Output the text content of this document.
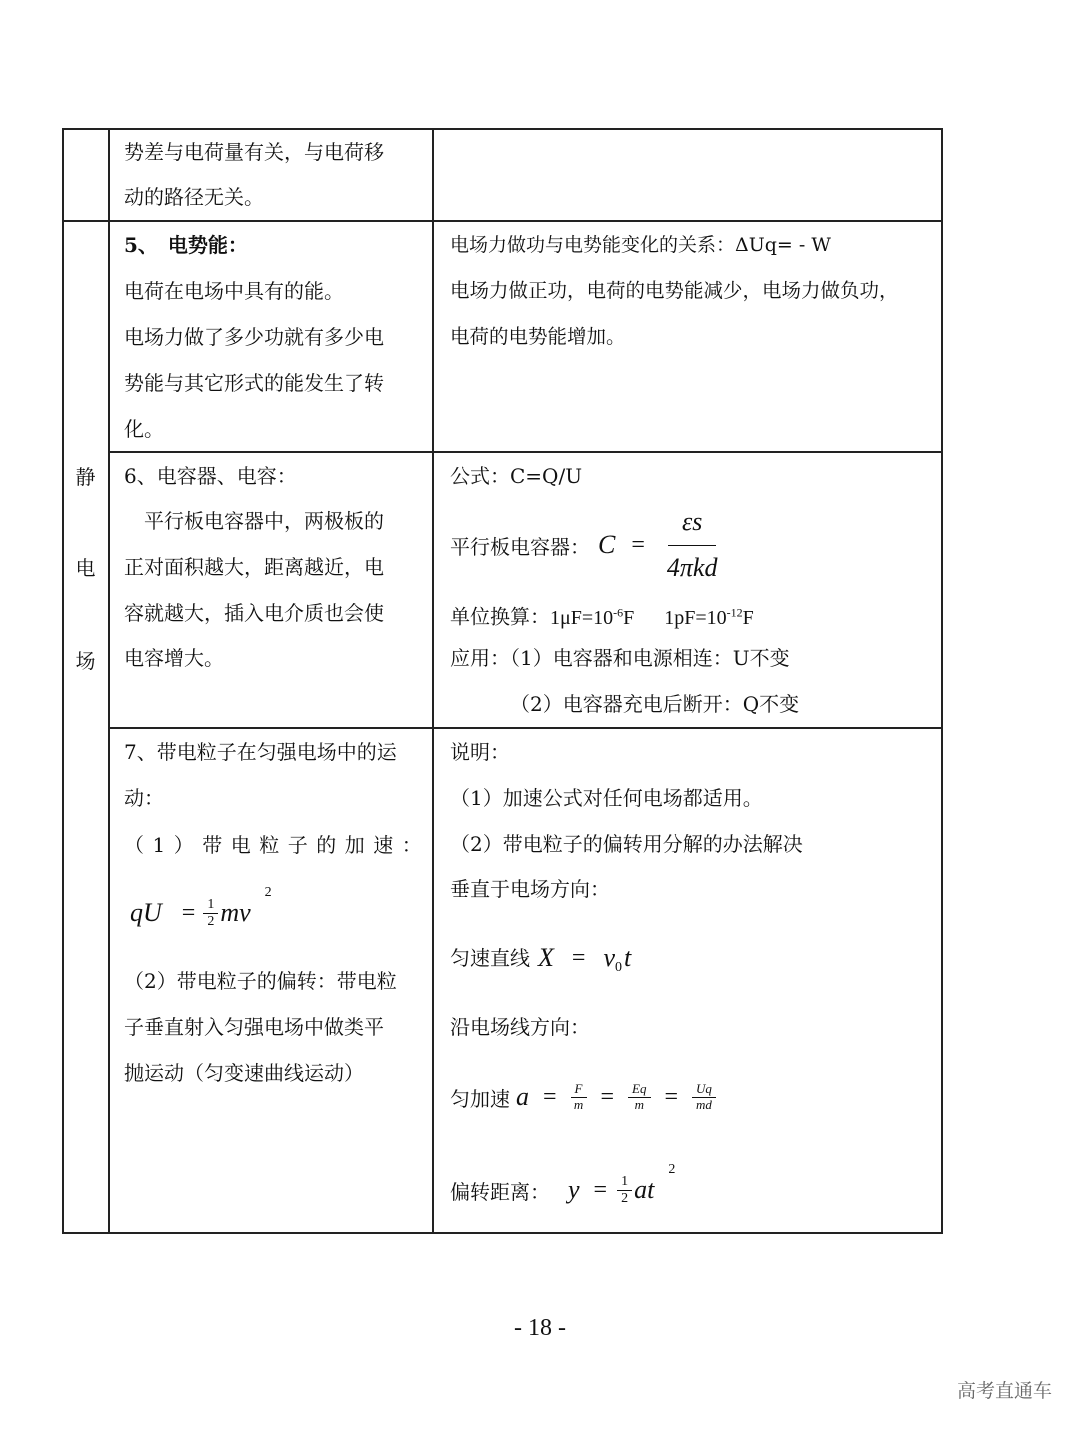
静
电
场
势差与电荷量有关，与电荷移
动的路径无关。
5、　电势能：
电荷在电场中具有的能。
电场力做了多少功就有多少电
势能与其它形式的能发生了转
化。
电场力做功与电势能变化的关系：ΔUq= - W
电场力做正功，电荷的电势能减少，电场力做负功，
电荷的电势能增加。
6、电容器、电容：
　平行板电容器中，两极板的
正对面积越大，距离越近，电
容就越大，插入电介质也会使
电容增大。
公式：C=Q/U
平行板电容器： $C = \frac{\varepsilon s}{\text{4πkd}}$
单位换算：$1\mu F=10^{-6}F$ $1pF=10^{-12}F$
应用：（1）电容器和电源相连：U不变
（2）电容器充电后断开：Q不变
7、带电粒子在匀强电场中的运
动：
（1）带电粒子的加速：
qU = $\frac{1}{2}$ mv
2
（2）带电粒子的偏转：带电粒
子垂直射入匀强电场中做类平
抛运动（匀变速曲线运动）
说明：
（1）加速公式对任何电场都适用。
（2）带电粒子的偏转用分解的办法解决
垂直于电场方向：
匀速直线 X = v 0 t
沿电场线方向：
匀加速 $a = \frac{F}{m} = \frac{Eq}{m} = \frac{Uq}{md}$
偏转距离： $y = \frac{1}{2}$ at
2
- 18 -
高考直通车
